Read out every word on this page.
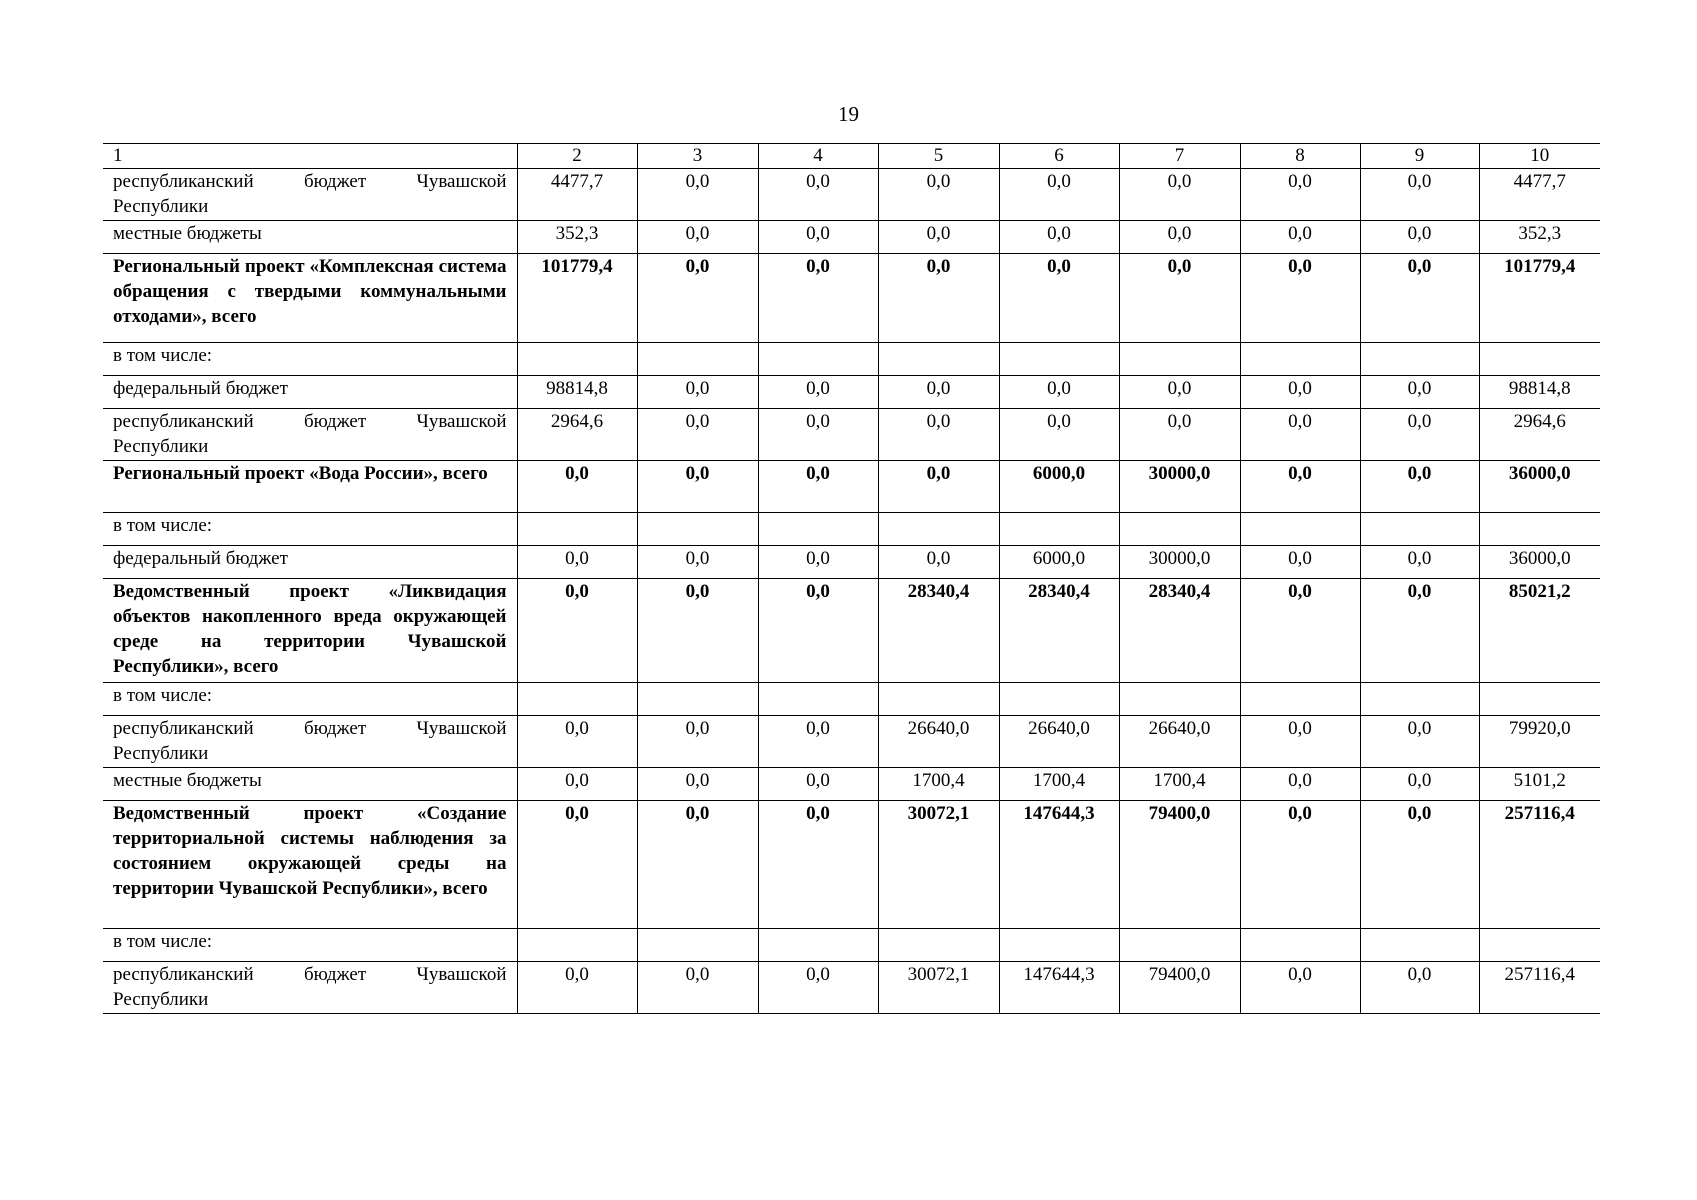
19
1	2	3	4	5	6	7	8	9	10
республиканский бюджет Чувашской Республики	4477,7	0,0	0,0	0,0	0,0	0,0	0,0	0,0	4477,7
местные бюджеты	352,3	0,0	0,0	0,0	0,0	0,0	0,0	0,0	352,3
Региональный проект «Комплексная система обращения с твердыми коммунальными отходами», всего	101779,4	0,0	0,0	0,0	0,0	0,0	0,0	0,0	101779,4
в том числе:									
федеральный бюджет	98814,8	0,0	0,0	0,0	0,0	0,0	0,0	0,0	98814,8
республиканский бюджет Чувашской Республики	2964,6	0,0	0,0	0,0	0,0	0,0	0,0	0,0	2964,6
Региональный проект «Вода России», всего	0,0	0,0	0,0	0,0	6000,0	30000,0	0,0	0,0	36000,0
в том числе:									
федеральный бюджет	0,0	0,0	0,0	0,0	6000,0	30000,0	0,0	0,0	36000,0
Ведомственный проект «Ликвидация объектов накопленного вреда окружающей среде на территории Чувашской Республики», всего	0,0	0,0	0,0	28340,4	28340,4	28340,4	0,0	0,0	85021,2
в том числе:									
республиканский бюджет Чувашской Республики	0,0	0,0	0,0	26640,0	26640,0	26640,0	0,0	0,0	79920,0
местные бюджеты	0,0	0,0	0,0	1700,4	1700,4	1700,4	0,0	0,0	5101,2
Ведомственный проект «Создание территориальной системы наблюдения за состоянием окружающей среды на территории Чувашской Республики», всего	0,0	0,0	0,0	30072,1	147644,3	79400,0	0,0	0,0	257116,4
в том числе:									
республиканский бюджет Чувашской Республики	0,0	0,0	0,0	30072,1	147644,3	79400,0	0,0	0,0	257116,4
